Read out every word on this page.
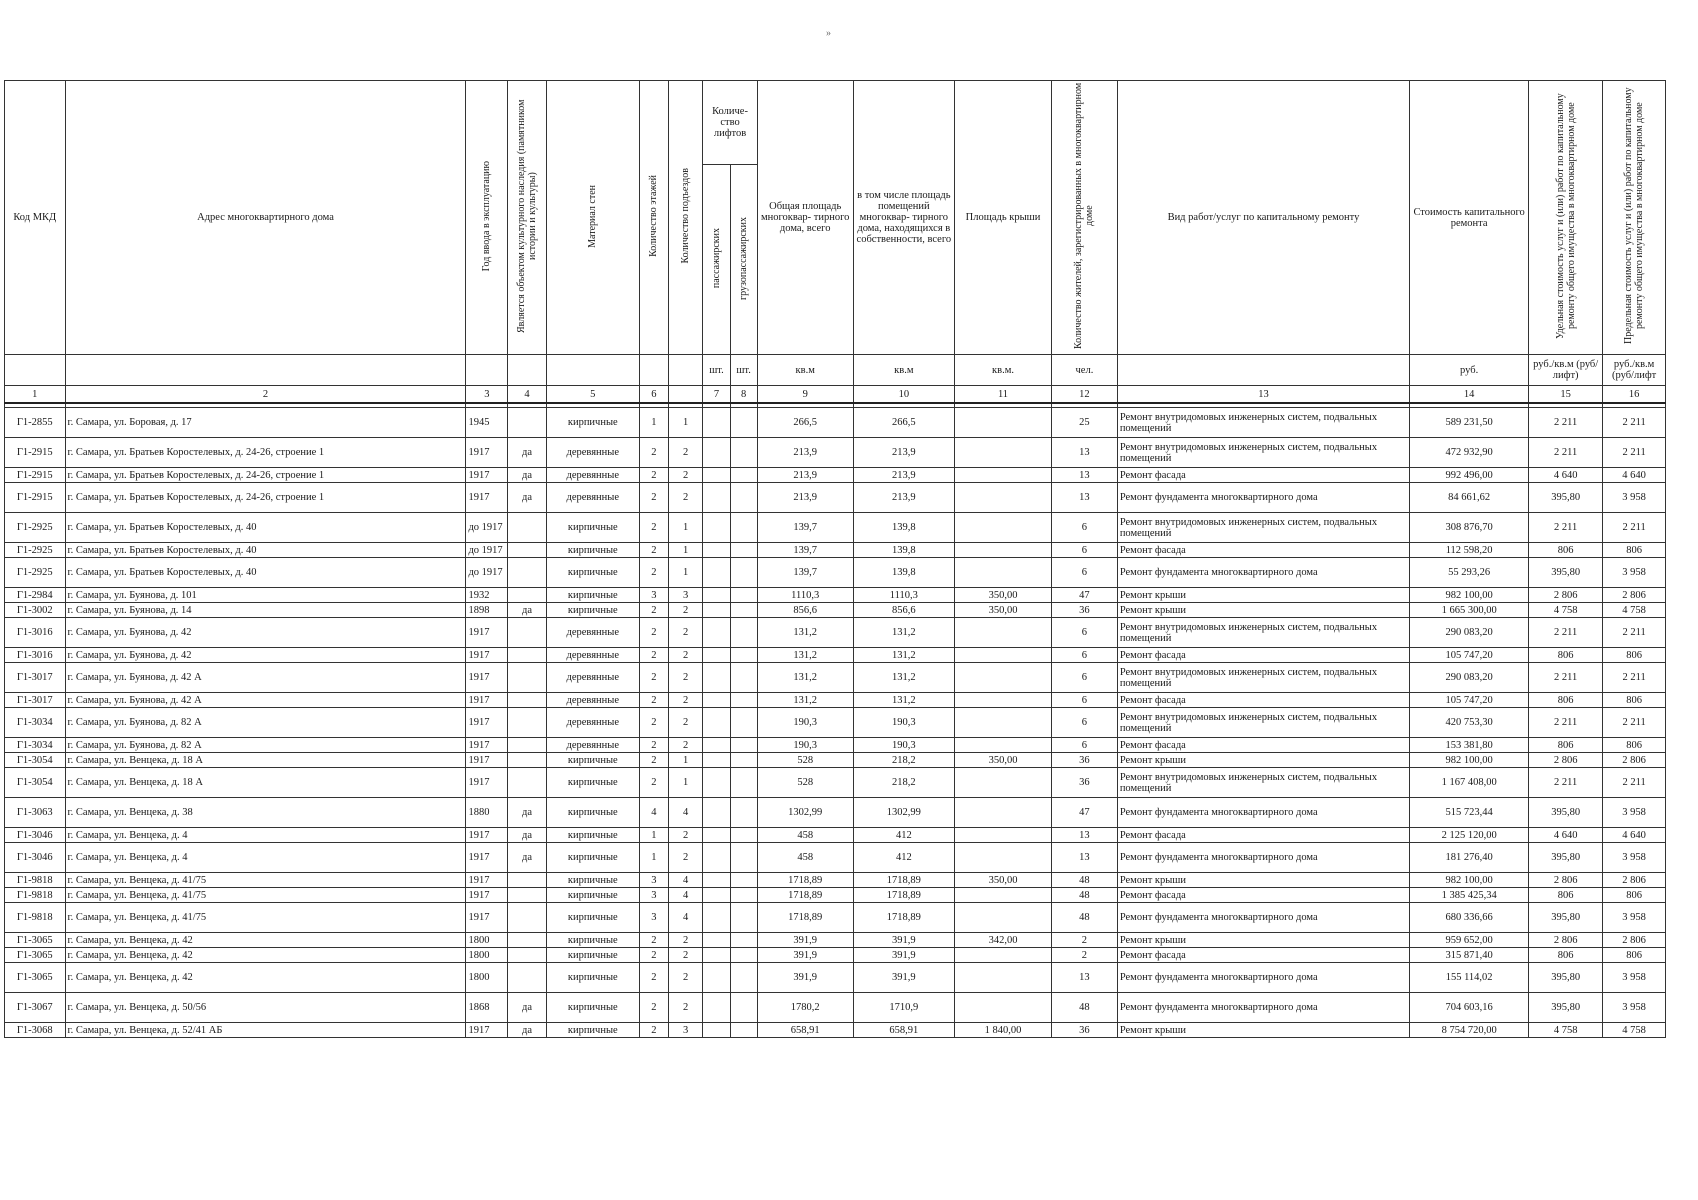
»
Код МКД	Адрес многоквартирного дома	Год ввода в эксплуатацию	Является объектом культурного наследия (памятником истории и культуры)	Материал стен	Количество этажей	Количество подъездов	Количе- ство лифтов		Общая площадь многоквар- тирного дома, всего	в том числе площадь помещений многоквар- тирного дома, находящихся в собственности, всего	Площадь крыши	Количество жителей, зарегистрированных в многоквартирном доме	Вид работ/услуг по капитальному ремонту	Стоимость капитального ремонта	Удельная стоимость услуг и (или) работ по капитальному ремонту общего имущества в многоквартирном доме	Предельная стоимость услуг и (или) работ по капитальному ремонту общего имущества в многоквартирном доме
							пассажирских	грузопассажирских								
							шт.	шт.	кв.м	кв.м	кв.м.	чел.		руб.	руб./кв.м (руб/лифт)	руб./кв.м (руб/лифт
1	2	3	4	5	6		7	8	9	10	11	12	13	14	15	16

Г1-2855	г. Самара, ул. Боровая, д. 17	1945		кирпичные	1	1			266,5	266,5		25	Ремонт внутридомовых инженерных систем, подвальных помещений	589 231,50	2 211	2 211
Г1-2915	г. Самара, ул. Братьев Коростелевых, д. 24-26, строение 1	1917	да	деревянные	2	2			213,9	213,9		13	Ремонт внутридомовых инженерных систем, подвальных помещений	472 932,90	2 211	2 211
Г1-2915	г. Самара, ул. Братьев Коростелевых, д. 24-26, строение 1	1917	да	деревянные	2	2			213,9	213,9		13	Ремонт фасада	992 496,00	4 640	4 640
Г1-2915	г. Самара, ул. Братьев Коростелевых, д. 24-26, строение 1	1917	да	деревянные	2	2			213,9	213,9		13	Ремонт фундамента многоквартирного дома	84 661,62	395,80	3 958
Г1-2925	г. Самара, ул. Братьев Коростелевых, д. 40	до 1917		кирпичные	2	1			139,7	139,8		6	Ремонт внутридомовых инженерных систем, подвальных помещений	308 876,70	2 211	2 211
Г1-2925	г. Самара, ул. Братьев Коростелевых, д. 40	до 1917		кирпичные	2	1			139,7	139,8		6	Ремонт фасада	112 598,20	806	806
Г1-2925	г. Самара, ул. Братьев Коростелевых, д. 40	до 1917		кирпичные	2	1			139,7	139,8		6	Ремонт фундамента многоквартирного дома	55 293,26	395,80	3 958
Г1-2984	г. Самара, ул. Буянова, д. 101	1932		кирпичные	3	3			1110,3	1110,3	350,00	47	Ремонт крыши	982 100,00	2 806	2 806
Г1-3002	г. Самара, ул. Буянова, д. 14	1898	да	кирпичные	2	2			856,6	856,6	350,00	36	Ремонт крыши	1 665 300,00	4 758	4 758
Г1-3016	г. Самара, ул. Буянова, д. 42	1917		деревянные	2	2			131,2	131,2		6	Ремонт внутридомовых инженерных систем, подвальных помещений	290 083,20	2 211	2 211
Г1-3016	г. Самара, ул. Буянова, д. 42	1917		деревянные	2	2			131,2	131,2		6	Ремонт фасада	105 747,20	806	806
Г1-3017	г. Самара, ул. Буянова, д. 42 А	1917		деревянные	2	2			131,2	131,2		6	Ремонт внутридомовых инженерных систем, подвальных помещений	290 083,20	2 211	2 211
Г1-3017	г. Самара, ул. Буянова, д. 42 А	1917		деревянные	2	2			131,2	131,2		6	Ремонт фасада	105 747,20	806	806
Г1-3034	г. Самара, ул. Буянова, д. 82 А	1917		деревянные	2	2			190,3	190,3		6	Ремонт внутридомовых инженерных систем, подвальных помещений	420 753,30	2 211	2 211
Г1-3034	г. Самара, ул. Буянова, д. 82 А	1917		деревянные	2	2			190,3	190,3		6	Ремонт фасада	153 381,80	806	806
Г1-3054	г. Самара, ул. Венцека, д. 18 А	1917		кирпичные	2	1			528	218,2	350,00	36	Ремонт крыши	982 100,00	2 806	2 806
Г1-3054	г. Самара, ул. Венцека, д. 18 А	1917		кирпичные	2	1			528	218,2		36	Ремонт внутридомовых инженерных систем, подвальных помещений	1 167 408,00	2 211	2 211
Г1-3063	г. Самара, ул. Венцека, д. 38	1880	да	кирпичные	4	4			1302,99	1302,99		47	Ремонт фундамента многоквартирного дома	515 723,44	395,80	3 958
Г1-3046	г. Самара, ул. Венцека, д. 4	1917	да	кирпичные	1	2			458	412		13	Ремонт фасада	2 125 120,00	4 640	4 640
Г1-3046	г. Самара, ул. Венцека, д. 4	1917	да	кирпичные	1	2			458	412		13	Ремонт фундамента многоквартирного дома	181 276,40	395,80	3 958
Г1-9818	г. Самара, ул. Венцека, д. 41/75	1917		кирпичные	3	4			1718,89	1718,89	350,00	48	Ремонт крыши	982 100,00	2 806	2 806
Г1-9818	г. Самара, ул. Венцека, д. 41/75	1917		кирпичные	3	4			1718,89	1718,89		48	Ремонт фасада	1 385 425,34	806	806
Г1-9818	г. Самара, ул. Венцека, д. 41/75	1917		кирпичные	3	4			1718,89	1718,89		48	Ремонт фундамента многоквартирного дома	680 336,66	395,80	3 958
Г1-3065	г. Самара, ул. Венцека, д. 42	1800		кирпичные	2	2			391,9	391,9	342,00	2	Ремонт крыши	959 652,00	2 806	2 806
Г1-3065	г. Самара, ул. Венцека, д. 42	1800		кирпичные	2	2			391,9	391,9		2	Ремонт фасада	315 871,40	806	806
Г1-3065	г. Самара, ул. Венцека, д. 42	1800		кирпичные	2	2			391,9	391,9		13	Ремонт фундамента многоквартирного дома	155 114,02	395,80	3 958
Г1-3067	г. Самара, ул. Венцека, д. 50/56	1868	да	кирпичные	2	2			1780,2	1710,9		48	Ремонт фундамента многоквартирного дома	704 603,16	395,80	3 958
Г1-3068	г. Самара, ул. Венцека, д. 52/41 АБ	1917	да	кирпичные	2	3			658,91	658,91	1 840,00	36	Ремонт крыши	8 754 720,00	4 758	4 758
